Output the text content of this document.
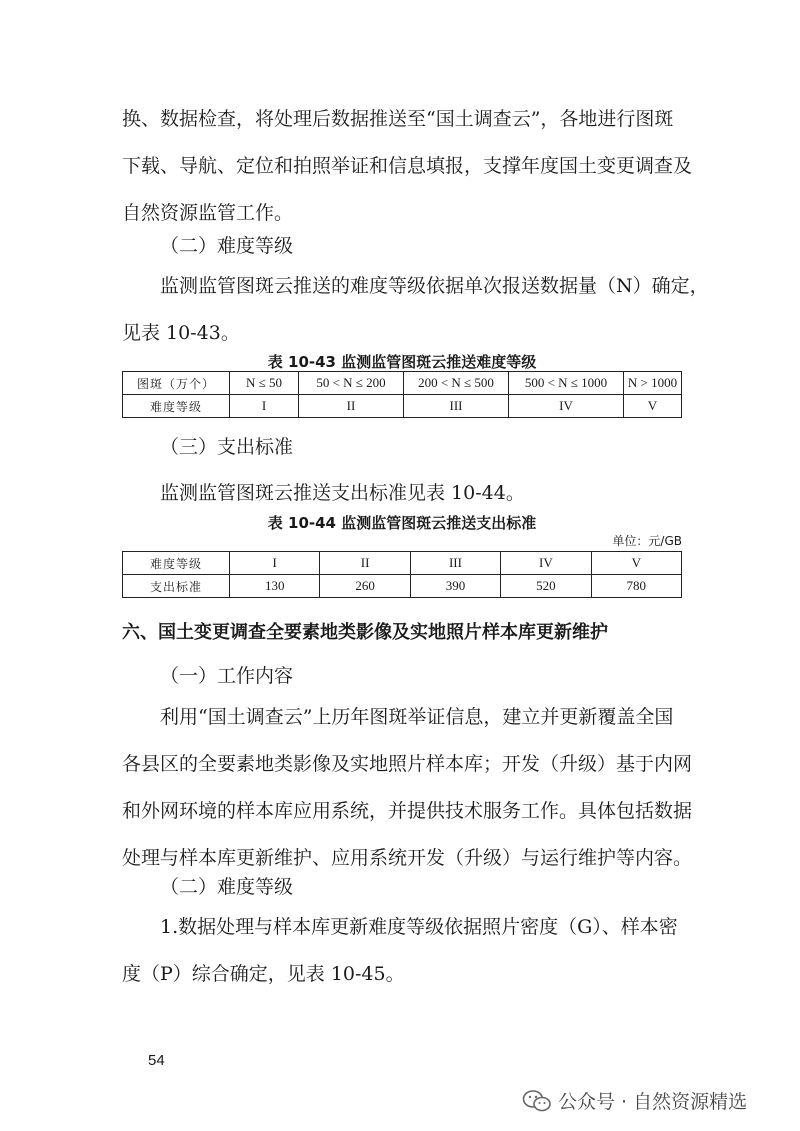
换、数据检查，将处理后数据推送至“国土调查云”，各地进行图斑
下载、导航、定位和拍照举证和信息填报，支撑年度国土变更调查及
自然资源监管工作。

（二）难度等级

监测监管图斑云推送的难度等级依据单次报送数据量（N）确定，
见表 10-43。

表 10-43 监测监管图斑云推送难度等级

图斑（万个）	N ≤ 50	50 < N ≤ 200	200 < N ≤ 500	500 < N ≤ 1000	N > 1000
难度等级	I	II	III	IV	V

（三）支出标准

监测监管图斑云推送支出标准见表 10-44。

表 10-44 监测监管图斑云推送支出标准

单位：元/GB
难度等级	I	II	III	IV	V
支出标准	130	260	390	520	780

六、国土变更调查全要素地类影像及实地照片样本库更新维护

（一）工作内容

利用“国土调查云”上历年图斑举证信息，建立并更新覆盖全国
各县区的全要素地类影像及实地照片样本库；开发（升级）基于内网
和外网环境的样本库应用系统，并提供技术服务工作。具体包括数据
处理与样本库更新维护、应用系统开发（升级）与运行维护等内容。

（二）难度等级

1.数据处理与样本库更新难度等级依据照片密度（G）、样本密
度（P）综合确定，见表 10-45。

54
公众号 · 自然资源精选
